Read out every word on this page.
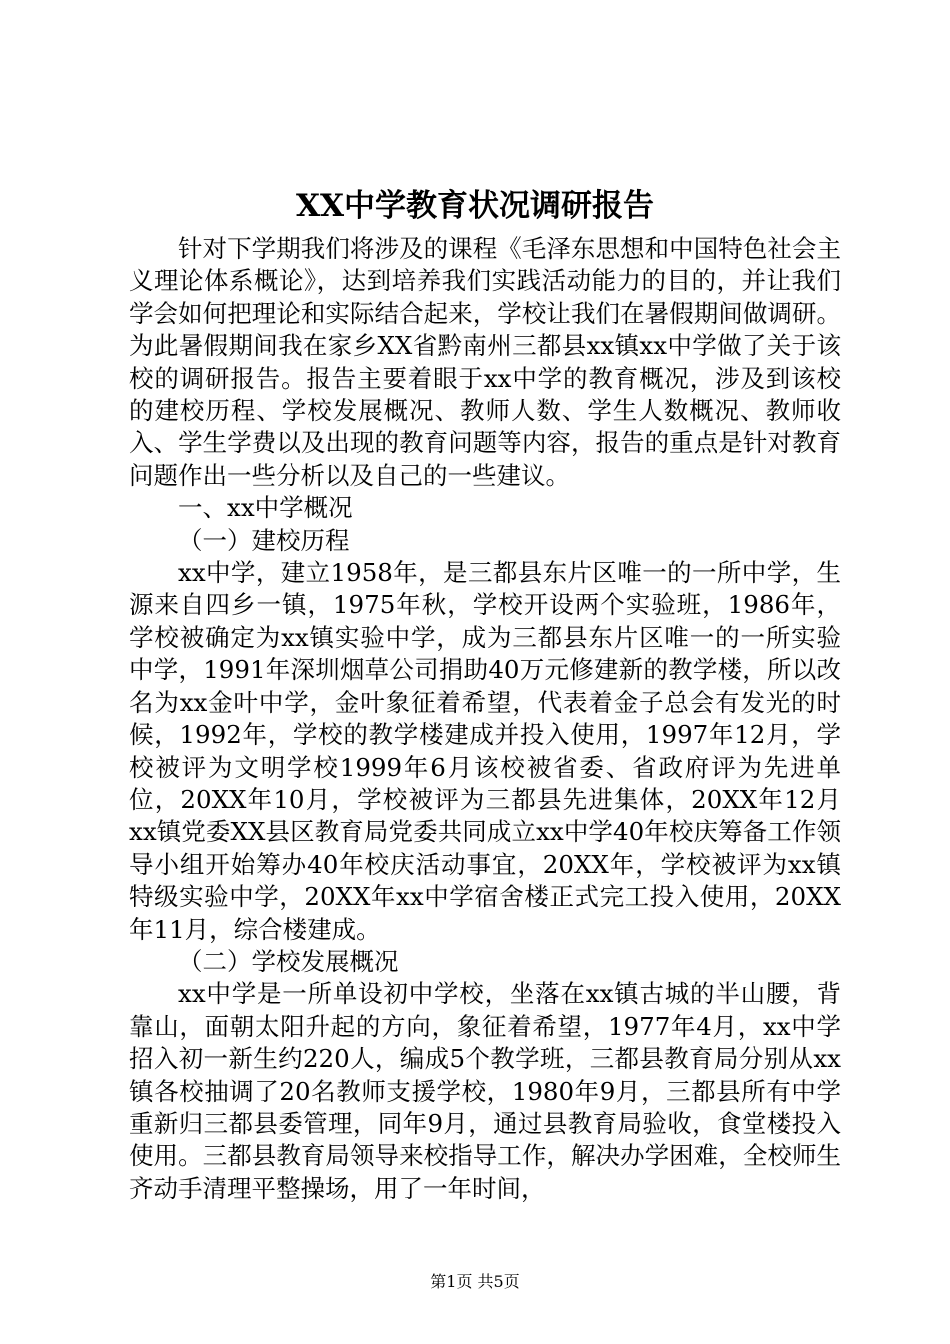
XX中学教育状况调研报告

针对下学期我们将涉及的课程《毛泽东思想和中国特色社会主义理论体系概论》，达到培养我们实践活动能力的目的，并让我们学会如何把理论和实际结合起来，学校让我们在暑假期间做调研。为此暑假期间我在家乡XX省黔南州三都县xx镇xx中学做了关于该校的调研报告。报告主要着眼于xx中学的教育概况，涉及到该校的建校历程、学校发展概况、教师人数、学生人数概况、教师收入、学生学费以及出现的教育问题等内容，报告的重点是针对教育问题作出一些分析以及自己的一些建议。

一、xx中学概况

（一）建校历程

xx中学，建立1958年，是三都县东片区唯一的一所中学，生源来自四乡一镇，1975年秋，学校开设两个实验班，1986年，学校被确定为xx镇实验中学，成为三都县东片区唯一的一所实验中学，1991年深圳烟草公司捐助40万元修建新的教学楼，所以改名为xx金叶中学，金叶象征着希望，代表着金子总会有发光的时候，1992年，学校的教学楼建成并投入使用，1997年12月，学校被评为文明学校1999年6月该校被省委、省政府评为先进单位，20XX年10月，学校被评为三都县先进集体，20XX年12月xx镇党委XX县区教育局党委共同成立xx中学40年校庆筹备工作领导小组开始筹办40年校庆活动事宜，20XX年，学校被评为xx镇特级实验中学，20XX年xx中学宿舍楼正式完工投入使用，20XX年11月，综合楼建成。

（二）学校发展概况

xx中学是一所单设初中学校，坐落在xx镇古城的半山腰，背靠山，面朝太阳升起的方向，象征着希望，1977年4月，xx中学招入初一新生约220人，编成5个教学班，三都县教育局分别从xx镇各校抽调了20名教师支援学校，1980年9月，三都县所有中学重新归三都县委管理，同年9月，通过县教育局验收，食堂楼投入使用。三都县教育局领导来校指导工作，解决办学困难，全校师生齐动手清理平整操场，用了一年时间，

第1页 共5页
